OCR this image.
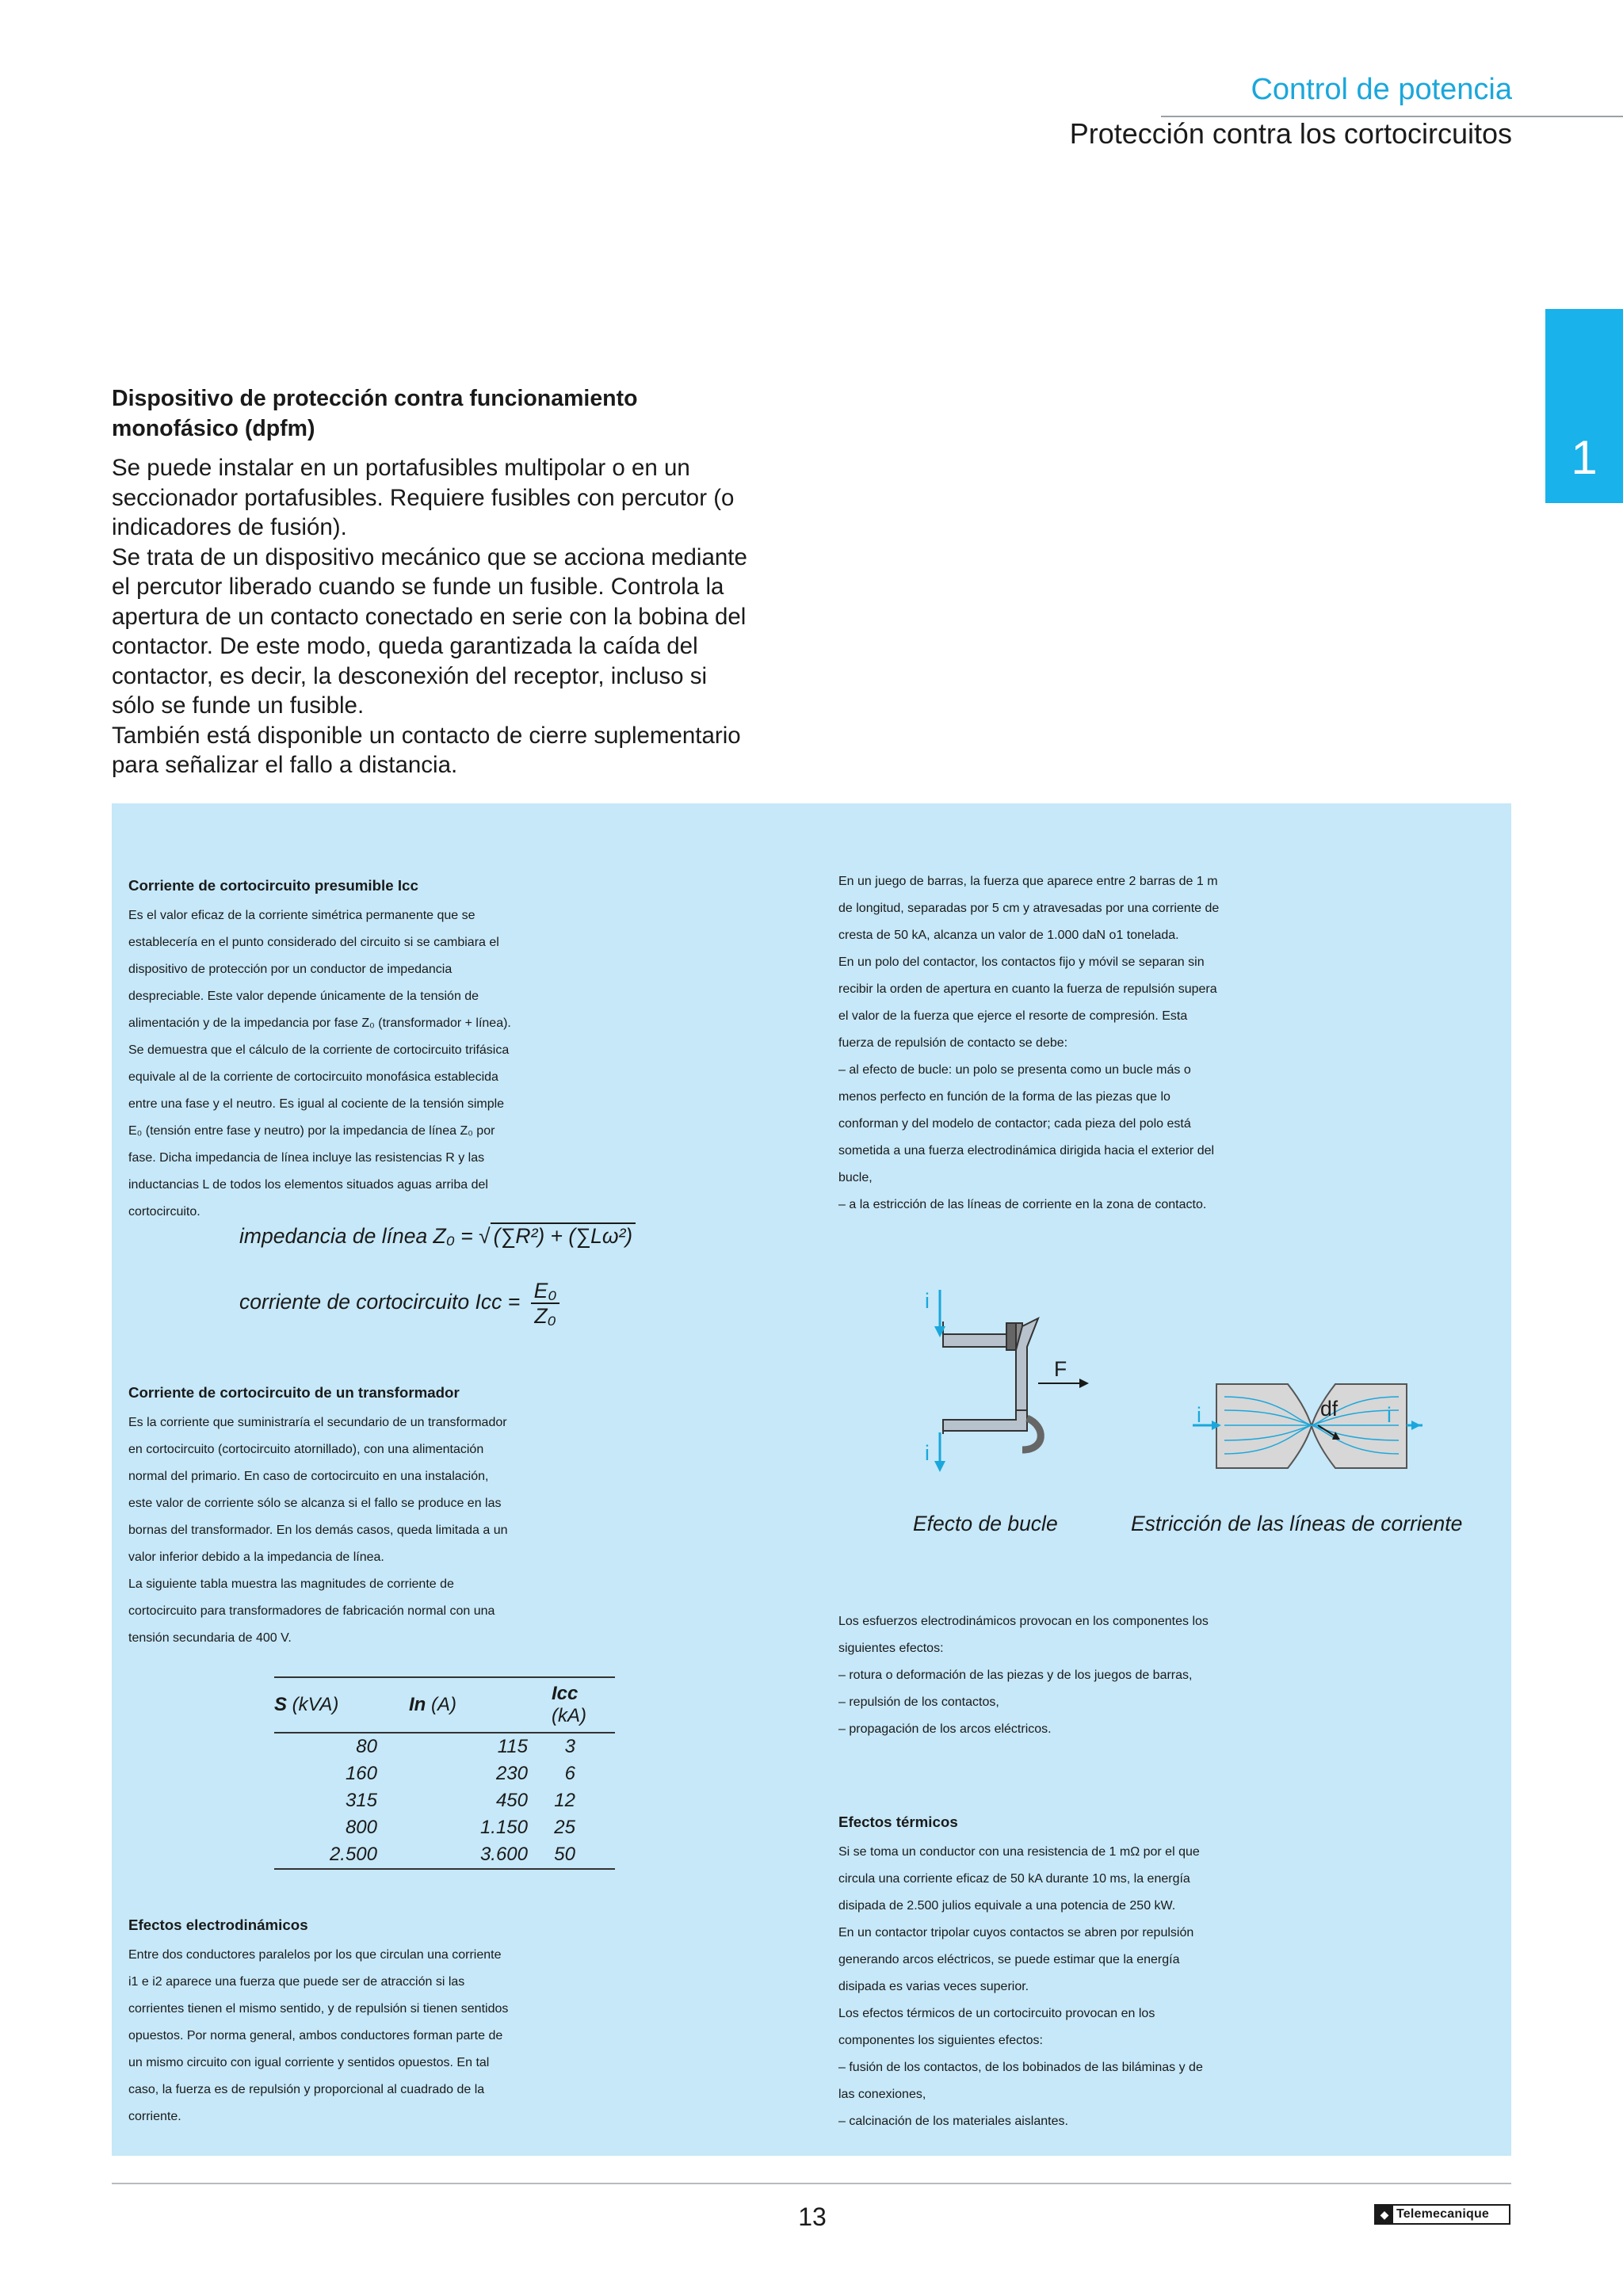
Control de potencia
Protección contra los cortocircuitos
1
Dispositivo de protección contra funcionamiento
monofásico (dpfm)

Se puede instalar en un portafusibles multipolar o en un

seccionador portafusibles. Requiere fusibles con percutor (o

indicadores de fusión).

Se trata de un dispositivo mecánico que se acciona mediante

el percutor liberado cuando se funde un fusible. Controla la

apertura de un contacto conectado en serie con la bobina del

contactor. De este modo, queda garantizada la caída del

contactor, es decir, la desconexión del receptor, incluso si

sólo se funde un fusible.

También está disponible un contacto de cierre suplementario

para señalizar el fallo a distancia.

Corriente de cortocircuito presumible Icc

Es el valor eficaz de la corriente simétrica permanente que se

establecería en el punto considerado del circuito si se cambiara el

dispositivo de protección por un conductor de impedancia

despreciable. Este valor depende únicamente de la tensión de

alimentación y de la impedancia por fase Z₀ (transformador + línea).

Se demuestra que el cálculo de la corriente de cortocircuito trifásica

equivale al de la corriente de cortocircuito monofásica establecida

entre una fase y el neutro. Es igual al cociente de la tensión simple

E₀ (tensión entre fase y neutro) por la impedancia de línea Z₀ por

fase. Dicha impedancia de línea incluye las resistencias R y las

inductancias L de todos los elementos situados aguas arriba del

cortocircuito.

impedancia de línea Z₀ = √ (∑R²) + (∑Lω²)
corriente de cortocircuito Icc = $\frac{\text{E₀}}{\text{Z₀}}$
Corriente de cortocircuito de un transformador

Es la corriente que suministraría el secundario de un transformador

en cortocircuito (cortocircuito atornillado), con una alimentación

normal del primario. En caso de cortocircuito en una instalación,

este valor de corriente sólo se alcanza si el fallo se produce en las

bornas del transformador. En los demás casos, queda limitada a un

valor inferior debido a la impedancia de línea.

La siguiente tabla muestra las magnitudes de corriente de

cortocircuito para transformadores de fabricación normal con una

tensión secundaria de 400 V.

S (kVA)	In (A)	Icc (kA)
80	115	3
160	230	6
315	450	12
800	1.150	25
2.500	3.600	50
Efectos electrodinámicos

Entre dos conductores paralelos por los que circulan una corriente

i1 e i2 aparece una fuerza que puede ser de atracción si las

corrientes tienen el mismo sentido, y de repulsión si tienen sentidos

opuestos. Por norma general, ambos conductores forman parte de

un mismo circuito con igual corriente y sentidos opuestos. En tal

caso, la fuerza es de repulsión y proporcional al cuadrado de la

corriente.

En un juego de barras, la fuerza que aparece entre 2 barras de 1 m

de longitud, separadas por 5 cm y atravesadas por una corriente de

cresta de 50 kA, alcanza un valor de 1.000 daN o1 tonelada.

En un polo del contactor, los contactos fijo y móvil se separan sin

recibir la orden de apertura en cuanto la fuerza de repulsión supera

el valor de la fuerza que ejerce el resorte de compresión. Esta

fuerza de repulsión de contacto se debe:

– al efecto de bucle: un polo se presenta como un bucle más o

menos perfecto en función de la forma de las piezas que lo

conforman y del modelo de contactor; cada pieza del polo está

sometida a una fuerza electrodinámica dirigida hacia el exterior del

bucle,

– a la estricción de las líneas de corriente en la zona de contacto.

i
i
F
i	i
df
Efecto de bucle	Estricción de las líneas de corriente

Los esfuerzos electrodinámicos provocan en los componentes los

siguientes efectos:

– rotura o deformación de las piezas y de los juegos de barras,

– repulsión de los contactos,

– propagación de los arcos eléctricos.

Efectos térmicos

Si se toma un conductor con una resistencia de 1 mΩ por el que

circula una corriente eficaz de 50 kA durante 10 ms, la energía

disipada de 2.500 julios equivale a una potencia de 250 kW.

En un contactor tripolar cuyos contactos se abren por repulsión

generando arcos eléctricos, se puede estimar que la energía

disipada es varias veces superior.

Los efectos térmicos de un cortocircuito provocan en los

componentes los siguientes efectos:

– fusión de los contactos, de los bobinados de las biláminas y de

las conexiones,

– calcinación de los materiales aislantes.

13	◆ Telemecanique
